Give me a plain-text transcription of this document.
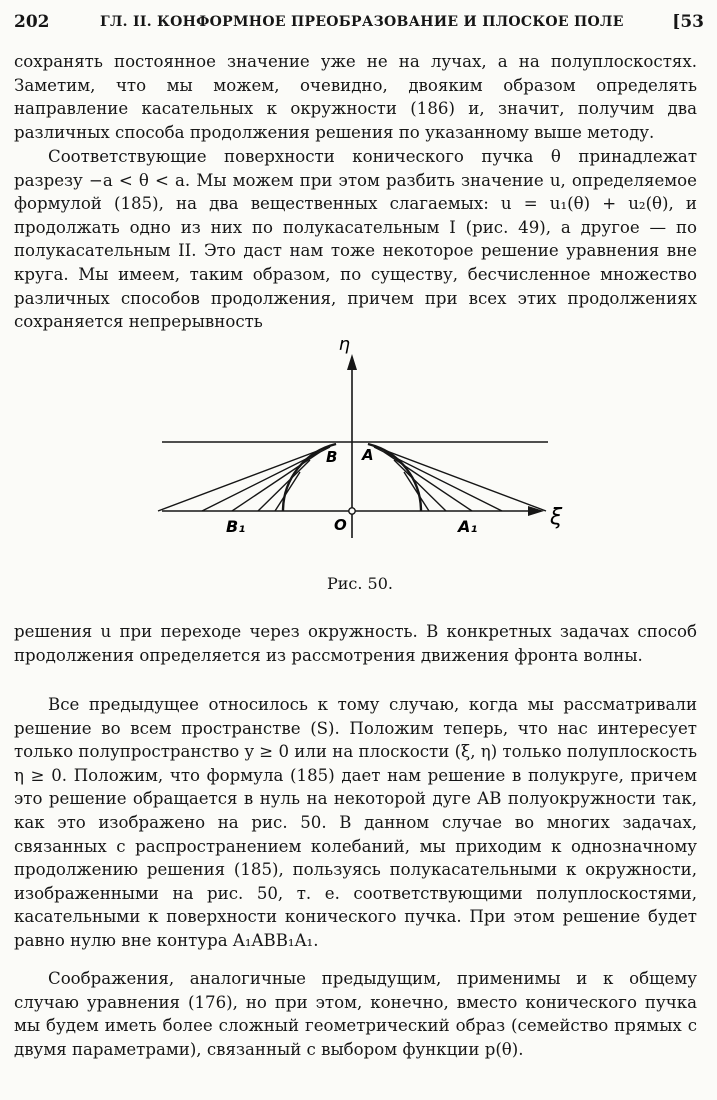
202	ГЛ. II. КОНФОРМНОЕ ПРЕОБРАЗОВАНИЕ И ПЛОСКОЕ ПОЛЕ	[53

сохранять постоянное значение уже не на лучах, а на полуплоскостях. Заметим, что мы можем, очевидно, двояким образом определять направление касательных к окружности (186) и, значит, получим два различных способа продолжения решения по указанному выше методу.

Соответствующие поверхности конического пучка θ принадлежат разрезу −a < θ < a. Мы можем при этом разбить значение u, определяемое формулой (185), на два вещественных слагаемых: u = u₁(θ) + u₂(θ), и продолжать одно из них по полукасательным I (рис. 49), а другое — по полукасательным II. Это даст нам тоже некоторое решение уравнения вне круга. Мы имеем, таким образом, по существу, бесчисленное множество различных способов продолжения, причем при всех этих продолжениях сохраняется непрерывность

η
ξ
B A
B₁	O	A₁
Рис. 50.

решения u при переходе через окружность. В конкретных задачах способ продолжения определяется из рассмотрения движения фронта волны.

Все предыдущее относилось к тому случаю, когда мы рассматривали решение во всем пространстве (S). Положим теперь, что нас интересует только полупространство y ≥ 0 или на плоскости (ξ, η) только полуплоскость η ≥ 0. Положим, что формула (185) дает нам решение в полукруге, причем это решение обращается в нуль на некоторой дуге AB полуокружности так, как это изображено на рис. 50. В данном случае во многих задачах, связанных с распространением колебаний, мы приходим к однозначному продолжению решения (185), пользуясь полукасательными к окружности, изображенными на рис. 50, т. е. соответствующими полуплоскостями, касательными к поверхности конического пучка. При этом решение будет равно нулю вне контура A₁ABB₁A₁.

Соображения, аналогичные предыдущим, применимы и к общему случаю уравнения (176), но при этом, конечно, вместо конического пучка мы будем иметь более сложный геометрический образ (семейство прямых с двумя параметрами), связанный с выбором функции p(θ).
